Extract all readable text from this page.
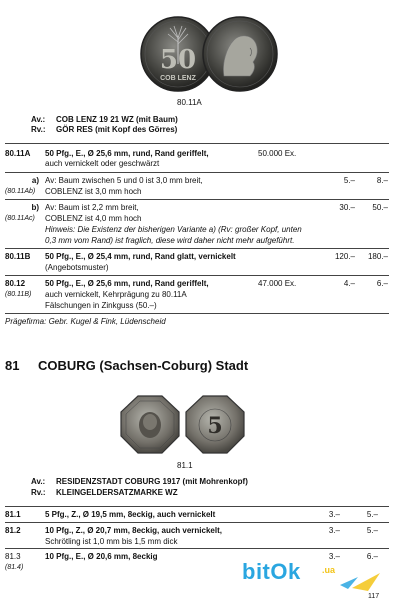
50
COB LENZ
80.11A
Av.: COB LENZ 19 21 WZ (mit Baum)
Rv.: GÖR RES (mit Kopf des Görres)
80.11A 50 Pfg., E., Ø 25,6 mm, rund, Rand geriffelt,
auch vernickelt oder geschwärzt
50.000 Ex.
a)
(80.11Ab)
Av: Baum zwischen 5 und 0 ist 3,0 mm breit,
COBLENZ ist 3,0 mm hoch
5.–	8.–
b)
(80.11Ac)
Av: Baum ist 2,2 mm breit,
COBLENZ ist 4,0 mm hoch
Hinweis: Die Existenz der bisherigen Variante a) (Rv: großer Kopf, unten
0,3 mm vom Rand) ist fraglich, diese wird daher nicht mehr aufgeführt.
30.–	50.–
80.11B 50 Pfg., E., Ø 25,4 mm, rund, Rand glatt, vernickelt
(Angebotsmuster)
120.–	180.–
80.12
(80.11B)
50 Pfg., E., Ø 25,6 mm, rund, Rand geriffelt,
auch vernickelt, Kehrprägung zu 80.11A
Fälschungen in Zinkguss (50.–)
47.000 Ex.	4.–	6.–
Prägefirma: Gebr. Kugel & Fink, Lüdenscheid
81 COBURG (Sachsen-Coburg) Stadt
5
81.1
Av.: RESIDENZSTADT COBURG 1917 (mit Mohrenkopf)
Rv.: KLEINGELDERSATZMARKE WZ
81.1	5 Pfg., Z., Ø 19,5 mm, 8eckig, auch vernickelt	3.–	5.–
81.2	10 Pfg., Z., Ø 20,7 mm, 8eckig, auch vernickelt,
Schrötling ist 1,0 mm bis 1,5 mm dick
3.–	5.–
81.3
(81.4)
10 Pfg., E., Ø 20,6 mm, 8eckig	3.–	6.–
bitOk .ua
117
